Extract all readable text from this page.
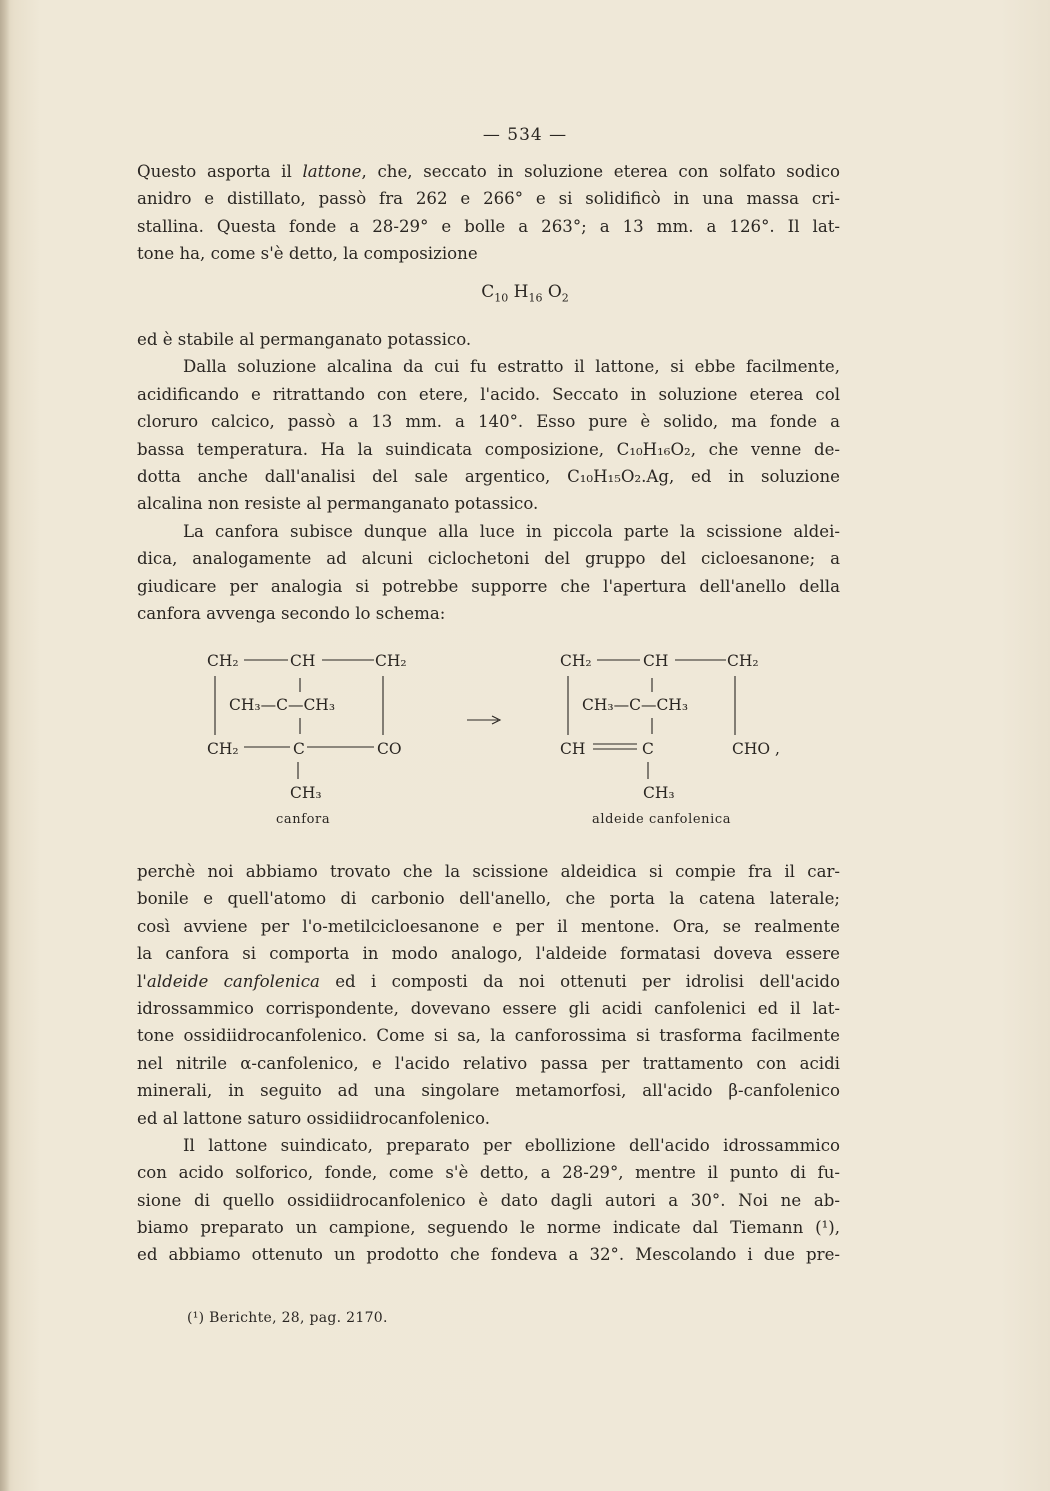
— 534 —
Questo asporta il lattone, che, seccato in soluzione eterea con solfato sodico
anidro e distillato, passò fra 262 e 266° e si solidificò in una massa cri-
stallina. Questa fonde a 28-29° e bolle a 263°; a 13 mm. a 126°. Il lat-
tone ha, come s'è detto, la composizione
$C_{10}$ $H_{16}$ $O_2$
ed è stabile al permanganato potassico.
Dalla soluzione alcalina da cui fu estratto il lattone, si ebbe facilmente,
acidificando e ritrattando con etere, l'acido. Seccato in soluzione eterea col
cloruro calcico, passò a 13 mm. a 140°. Esso pure è solido, ma fonde a
bassa temperatura. Ha la suindicata composizione, C₁₀H₁₆O₂, che venne de-
dotta anche dall'analisi del sale argentico, C₁₀H₁₅O₂.Ag, ed in soluzione
alcalina non resiste al permanganato potassico.
La canfora subisce dunque alla luce in piccola parte la scissione aldei-
dica, analogamente ad alcuni ciclochetoni del gruppo del cicloesanone; a
giudicare per analogia si potrebbe supporre che l'apertura dell'anello della
canfora avvenga secondo lo schema:
CH₂	CH	CH₂
CH₃—C—CH₃
CH₂	C	CO
CH₃
canfora
CH₂	CH	CH₂
CH₃—C—CH₃
CH	C	CHO ,
CH₃
aldeide canfolenica
perchè noi abbiamo trovato che la scissione aldeidica si compie fra il car-
bonile e quell'atomo di carbonio dell'anello, che porta la catena laterale;
così avviene per l'o-metilcicloesanone e per il mentone. Ora, se realmente
la canfora si comporta in modo analogo, l'aldeide formatasi doveva essere
l'aldeide canfolenica ed i composti da noi ottenuti per idrolisi dell'acido
idrossammico corrispondente, dovevano essere gli acidi canfolenici ed il lat-
tone ossidiidrocanfolenico. Come si sa, la canforossima si trasforma facilmente
nel nitrile α-canfolenico, e l'acido relativo passa per trattamento con acidi
minerali, in seguito ad una singolare metamorfosi, all'acido β-canfolenico
ed al lattone saturo ossidiidrocanfolenico.
Il lattone suindicato, preparato per ebollizione dell'acido idrossammico
con acido solforico, fonde, come s'è detto, a 28-29°, mentre il punto di fu-
sione di quello ossidiidrocanfolenico è dato dagli autori a 30°. Noi ne ab-
biamo preparato un campione, seguendo le norme indicate dal Tiemann (¹),
ed abbiamo ottenuto un prodotto che fondeva a 32°. Mescolando i due pre-
(¹) Berichte, 28, pag. 2170.
